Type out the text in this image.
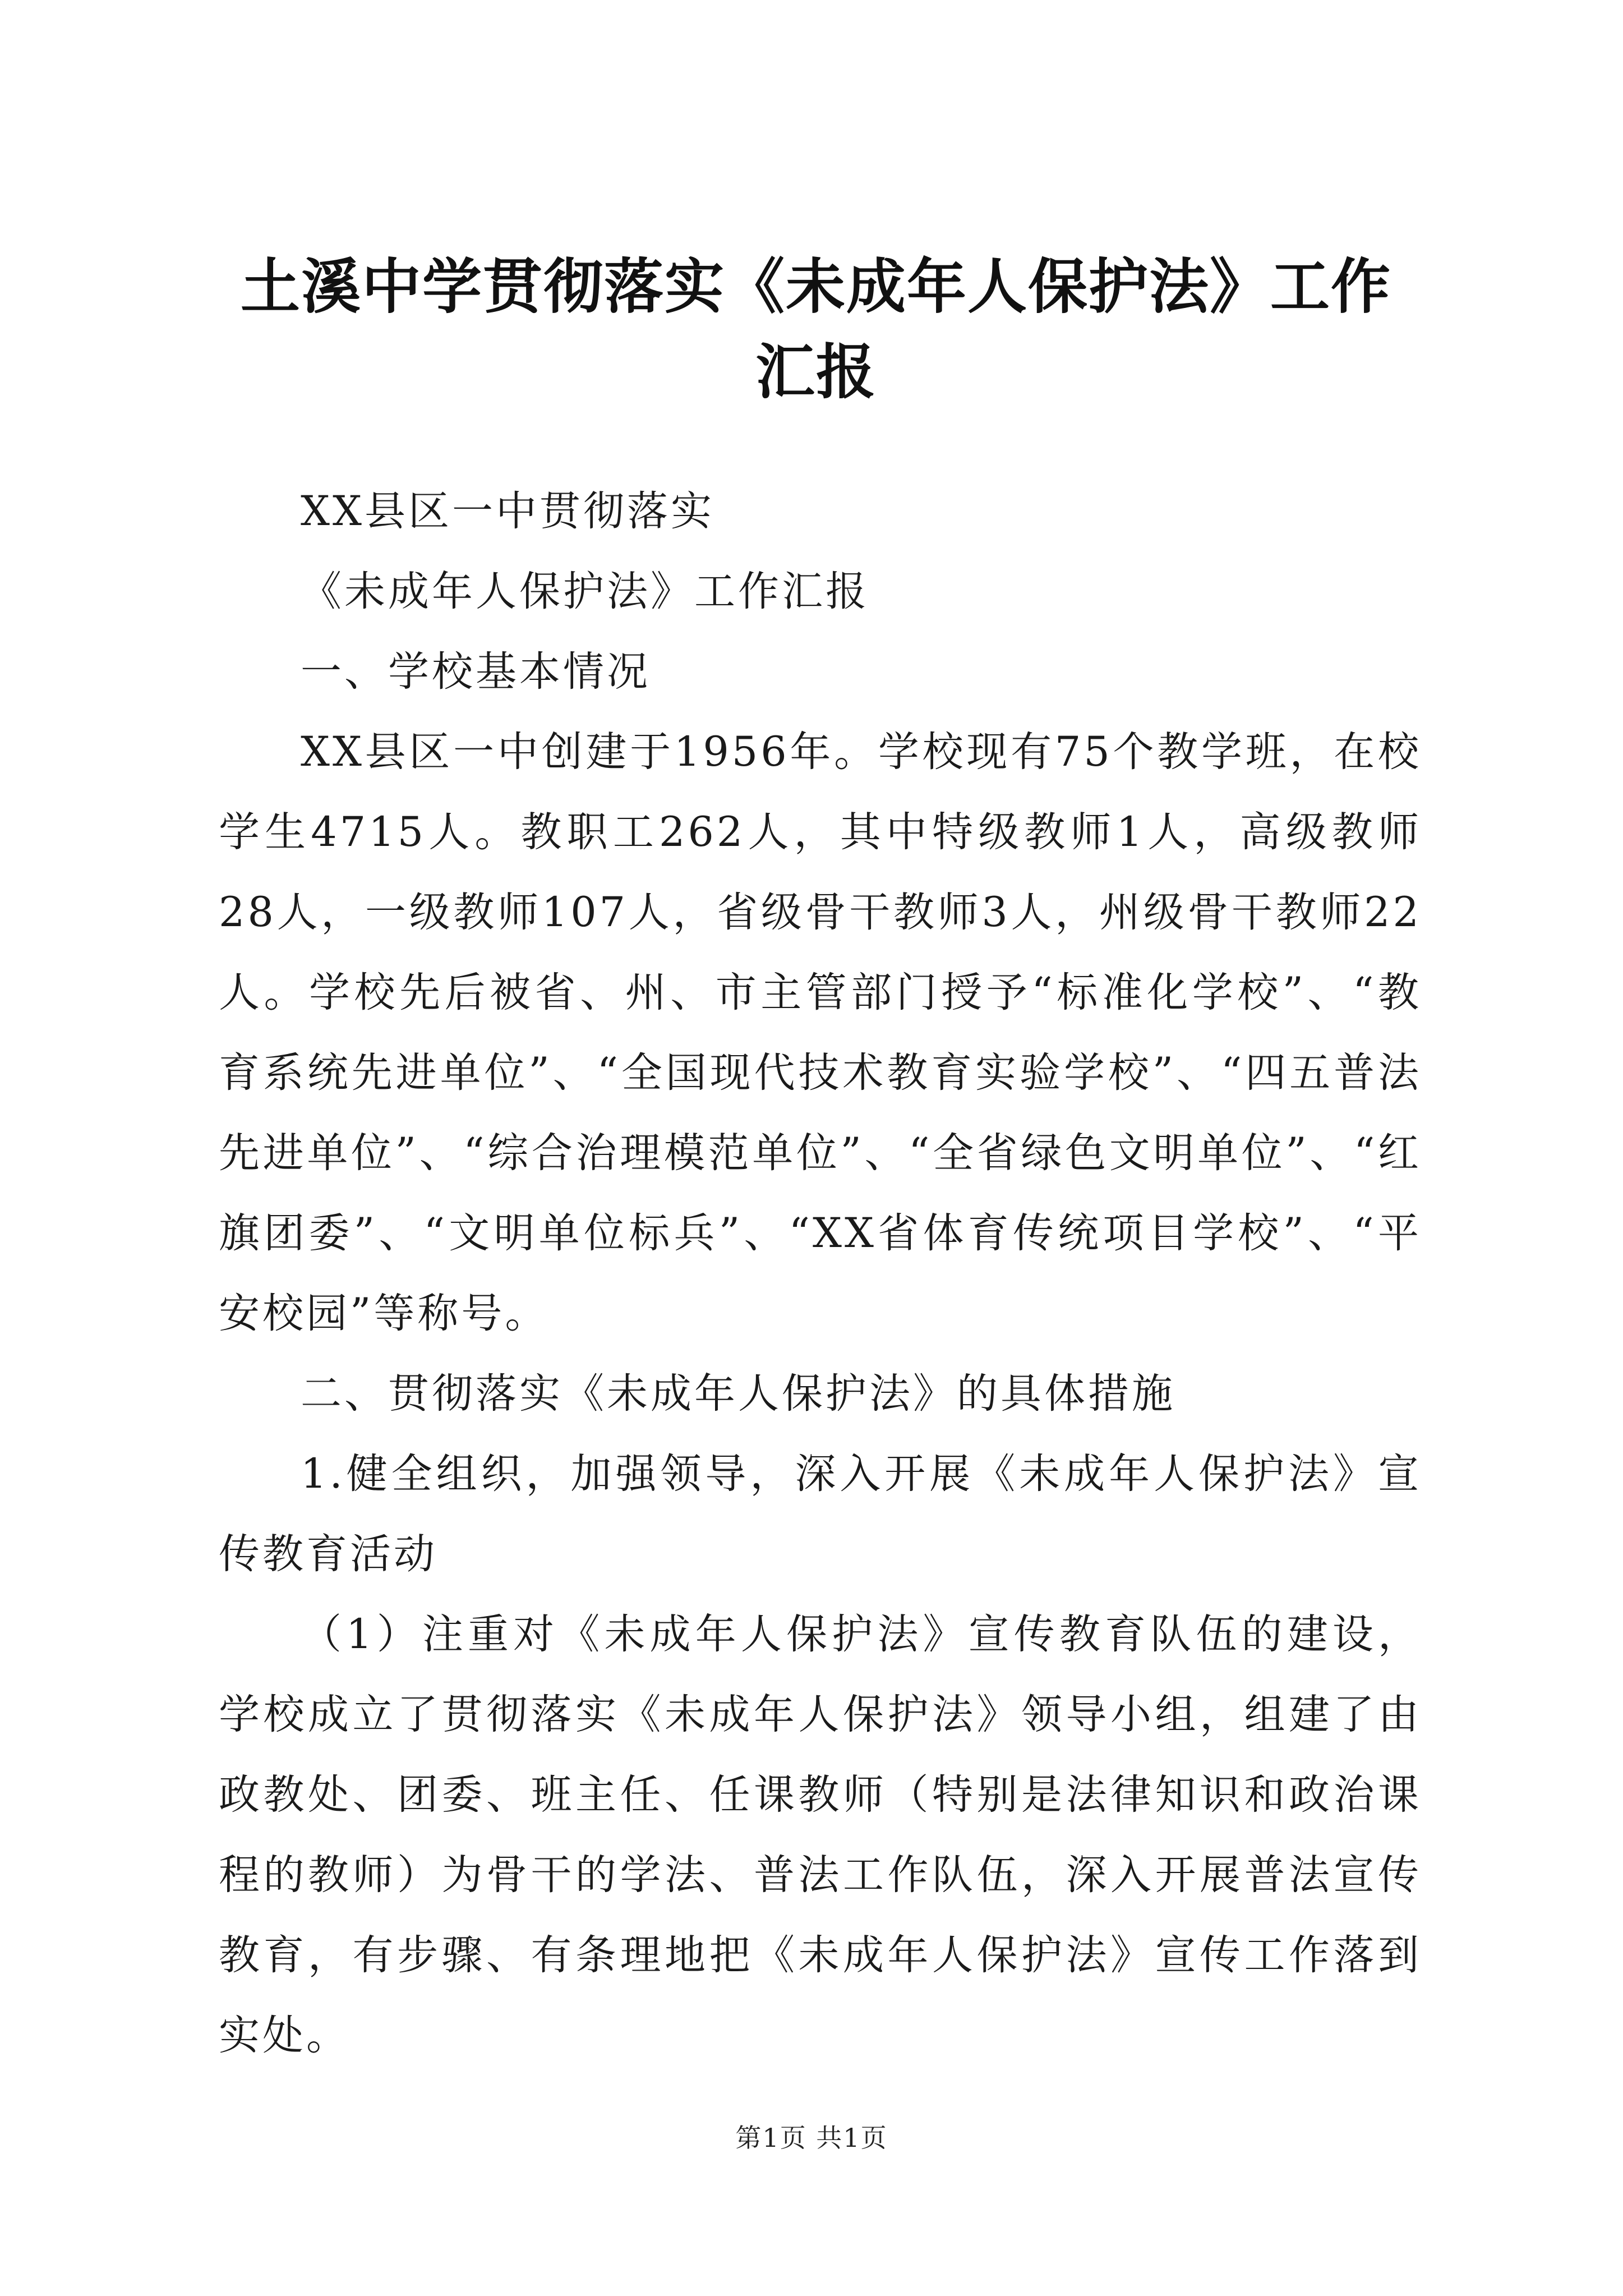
土溪中学贯彻落实《未成年人保护法》工作汇报

XX县区一中贯彻落实

《未成年人保护法》工作汇报

一、学校基本情况

XX县区一中创建于1956年。学校现有75个教学班，在校学生4715人。教职工262人，其中特级教师1人，高级教师28人，一级教师107人，省级骨干教师3人，州级骨干教师22人。学校先后被省、州、市主管部门授予“标准化学校”、“教育系统先进单位”、“全国现代技术教育实验学校”、“四五普法先进单位”、“综合治理模范单位”、“全省绿色文明单位”、“红旗团委”、“文明单位标兵”、“XX省体育传统项目学校”、“平安校园”等称号。

二、贯彻落实《未成年人保护法》的具体措施

1.健全组织，加强领导，深入开展《未成年人保护法》宣传教育活动

（1）注重对《未成年人保护法》宣传教育队伍的建设，学校成立了贯彻落实《未成年人保护法》领导小组，组建了由政教处、团委、班主任、任课教师（特别是法律知识和政治课程的教师）为骨干的学法、普法工作队伍，深入开展普法宣传教育，有步骤、有条理地把《未成年人保护法》宣传工作落到实处。

第1页 共1页
